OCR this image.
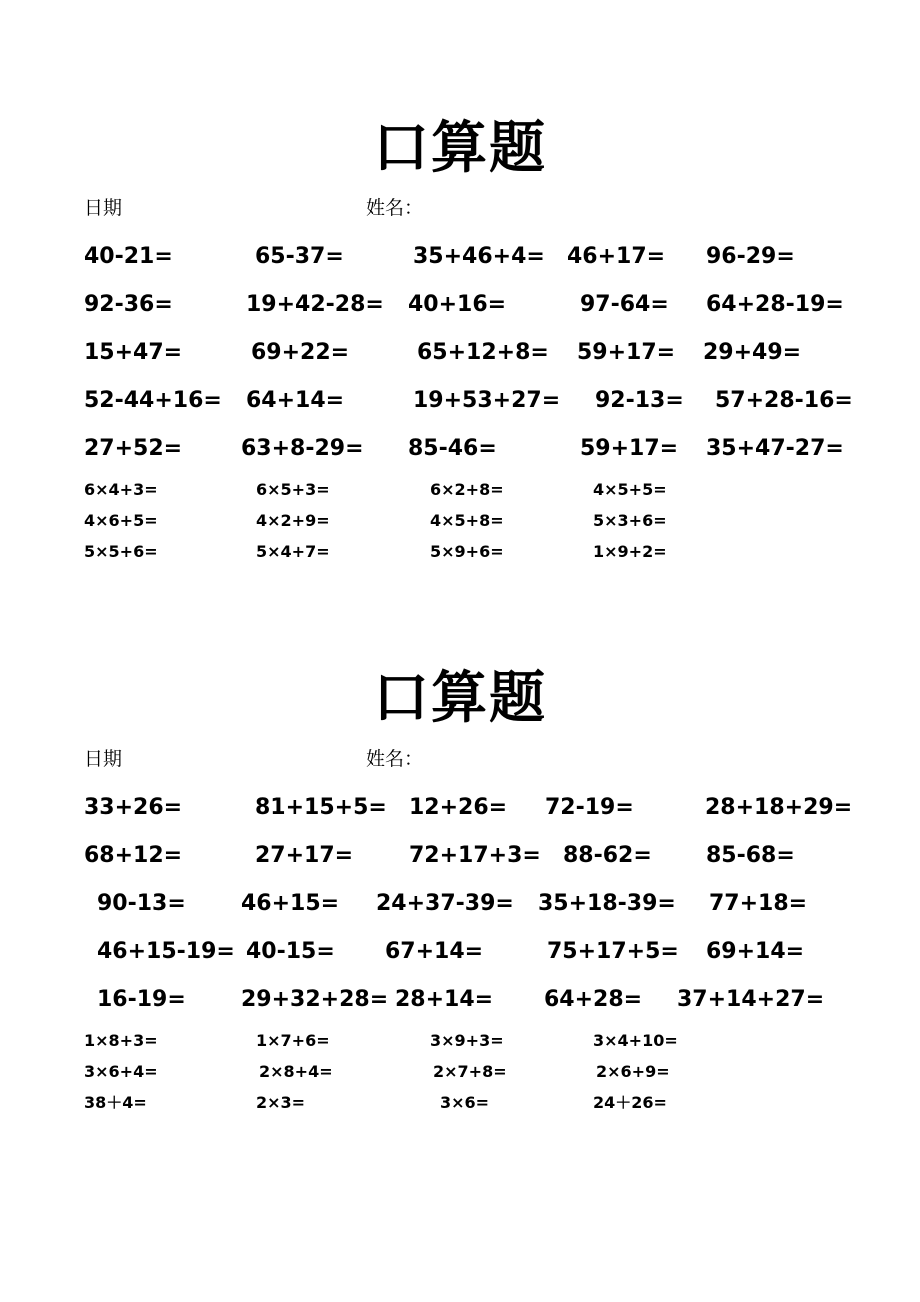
口算题
日期	姓名：
40-21=	65-37=	35+46+4= 46+17= 96-29=
92-36=	19+42-28= 40+16=	97-64= 64+28-19=
15+47=	69+22=	65+12+8= 59+17= 29+49=
52-44+16= 64+14=	19+53+27= 92-13= 57+28-16=
27+52=	63+8-29= 85-46=	59+17= 35+47-27=
6×4+3=	6×5+3=	6×2+8=	4×5+5=
4×6+5=	4×2+9=	4×5+8=	5×3+6=
5×5+6=	5×4+7=	5×9+6=	1×9+2=
口算题
日期	姓名：
33+26=	81+15+5= 12+26= 72-19=	28+18+29=
68+12=	27+17=	72+17+3= 88-62= 85-68=
90-13=	46+15= 24+37-39= 35+18-39= 77+18=
46+15-19= 40-15= 67+14=	75+17+5= 69+14=
16-19=	29+32+28= 28+14= 64+28= 37+14+27=
1×8+3=	1×7+6=	3×9+3=	3×4+10=
3×6+4=	2×8+4=	2×7+8=	2×6+9=
38＋4=	2×3=	3×6=	24＋26=
